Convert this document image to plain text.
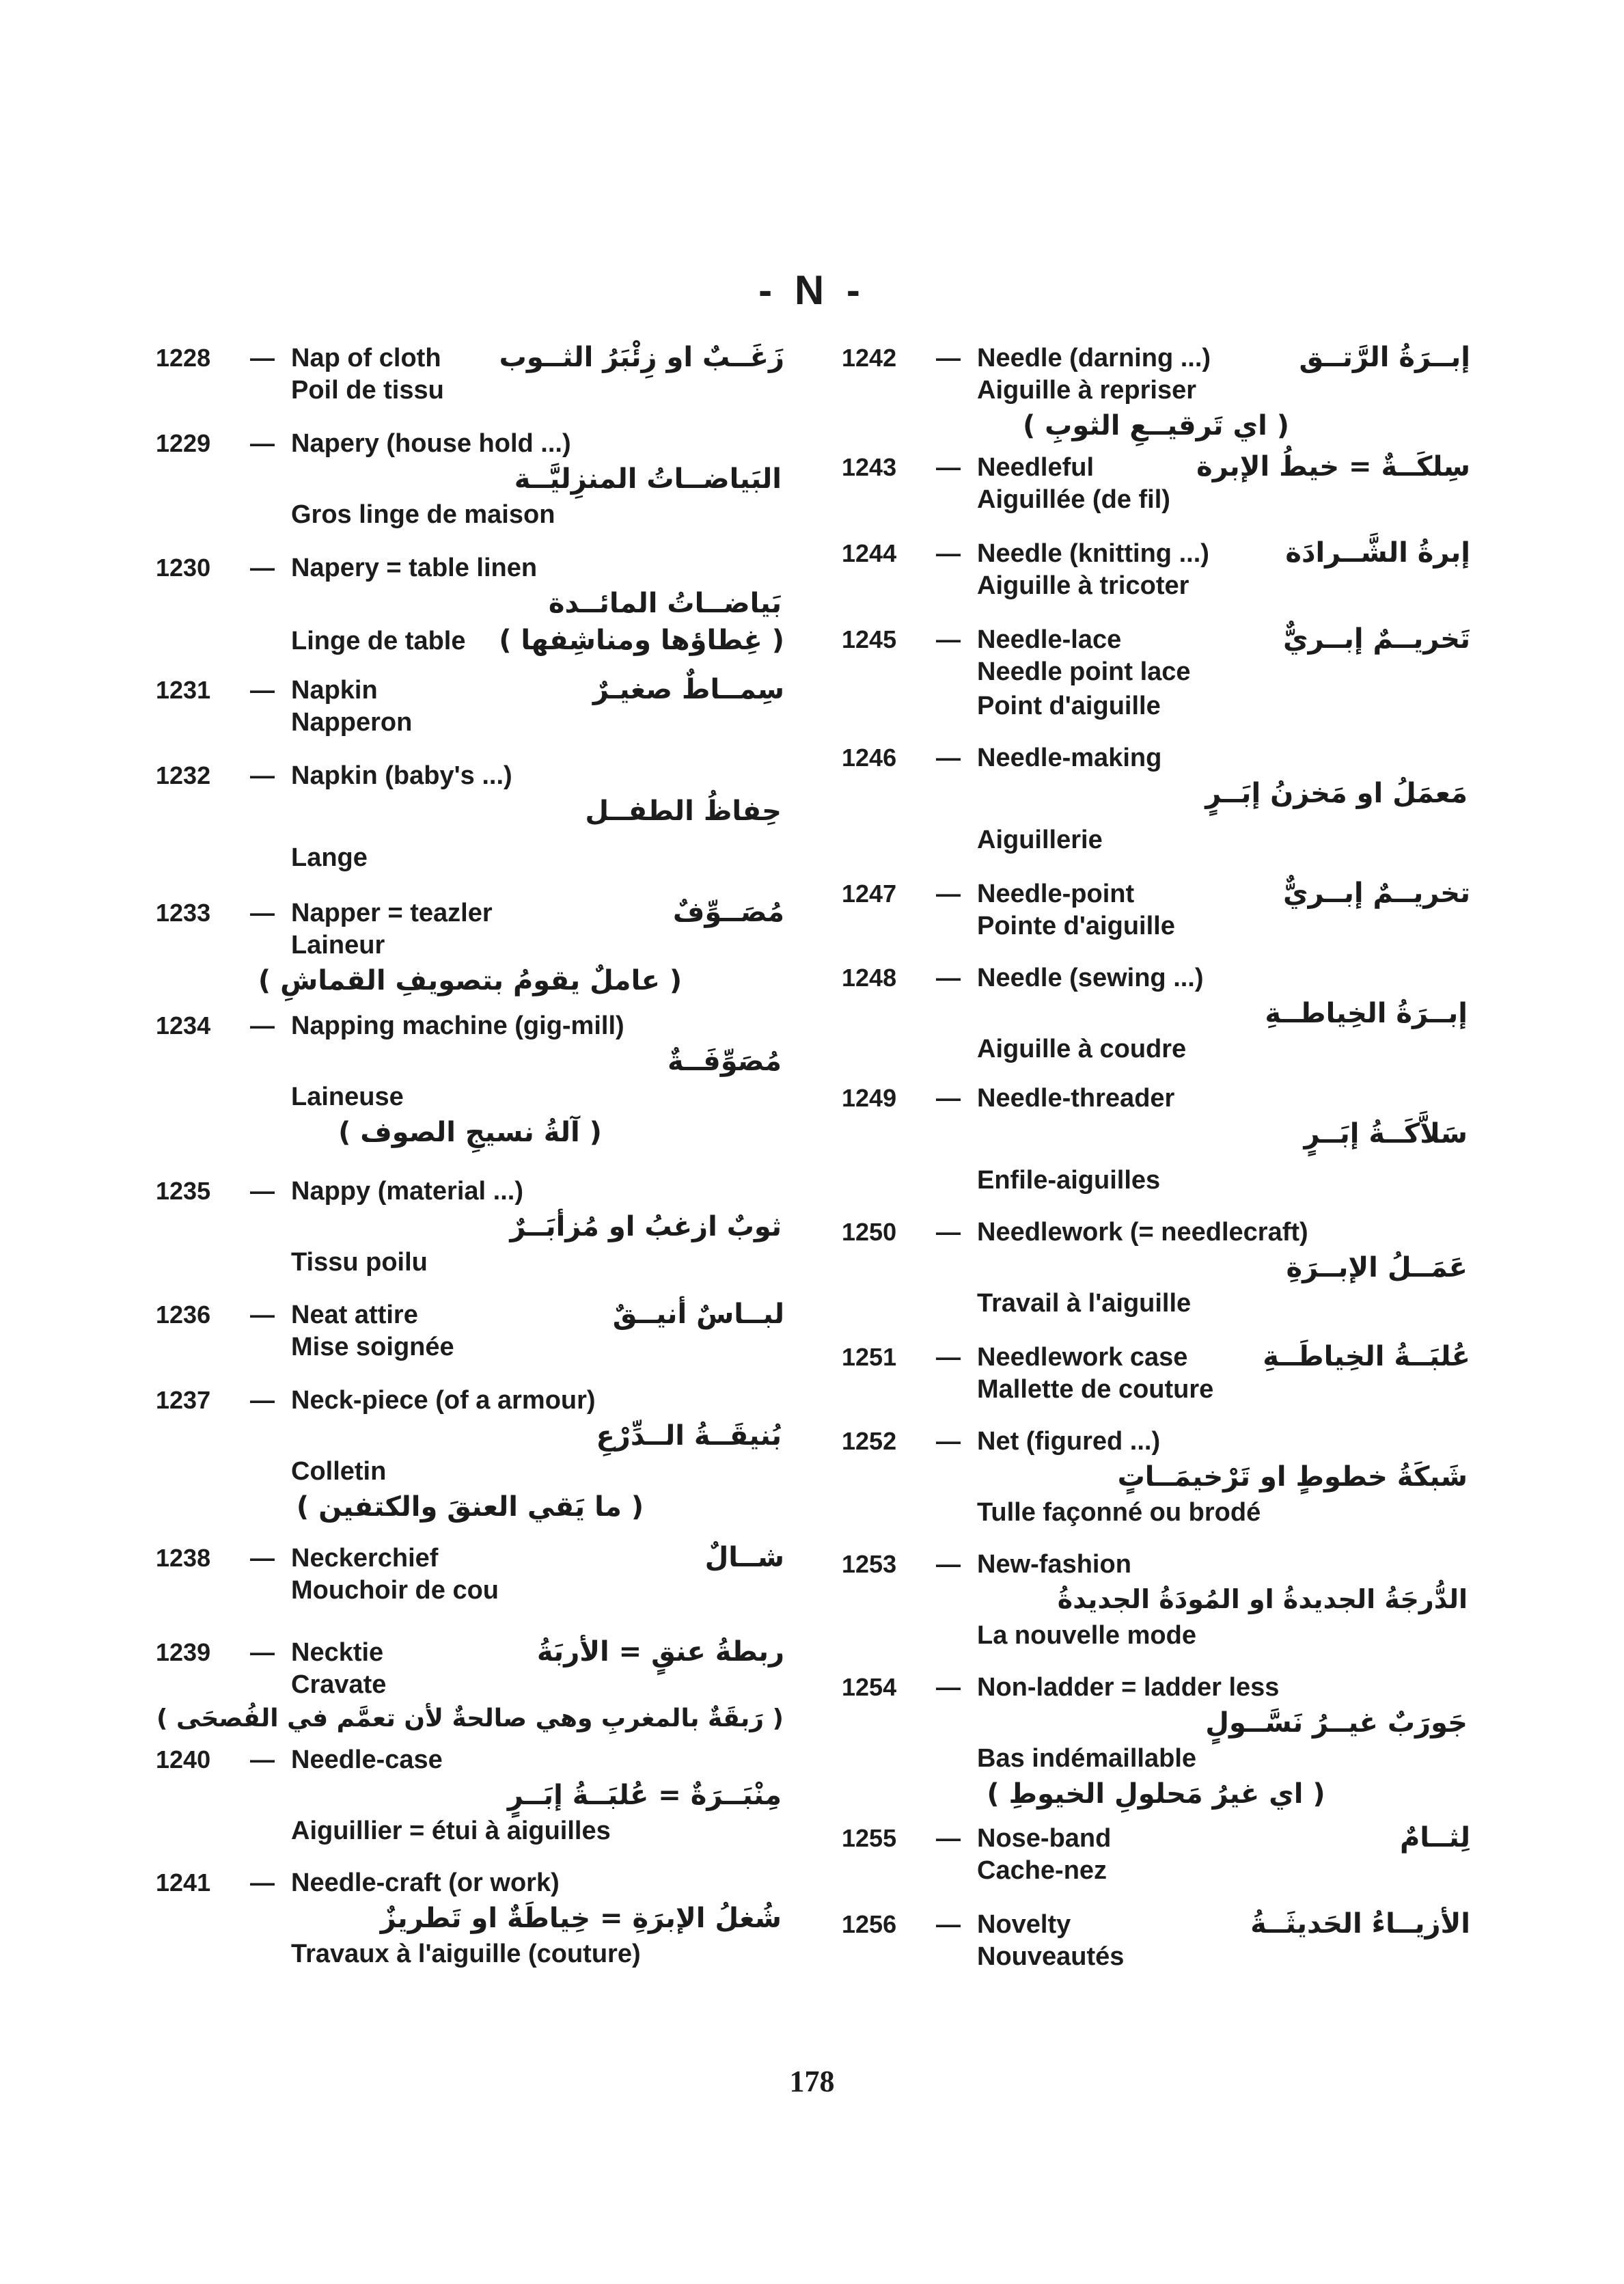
- N -
1228	— Nap of cloth	زَغَــبٌ او زِئْبَرُ الثــوب
Poil de tissu
1229	— Napery (house hold ...)
البَياضــاتُ المنزِليَّــة
Gros linge de maison
1230	— Napery = table linen
بَياضــاتُ المائــدة
Linge de table	( غِطاؤها ومناشِفها )
1231	— Napkin	سِمــاطٌ صغيـرٌ
Napperon
1232	— Napkin (baby's ...)
حِفاظُ الطفــل
Lange
1233	— Napper = teazler	مُصَــوِّفٌ
Laineur
( عاملٌ يقومُ بتصويفِ القماشِ )
1234	— Napping machine (gig-mill)
مُصَوِّفَــةٌ
Laineuse
( آلةُ نسيجِ الصوف )
1235	— Nappy (material ...)
ثوبٌ ازغبُ او مُزأبَــرٌ
Tissu poilu
1236	— Neat attire	لبــاسٌ أنيــقٌ
Mise soignée
1237	— Neck-piece (of a armour)
بُنيقَــةُ الــدِّرْعِ
Colletin
( ما يَقي العنقَ والكتفين )
1238	— Neckerchief	شــالٌ
Mouchoir de cou
1239	— Necktie	ربطةُ عنقٍ = الأربَةُ
Cravate
( رَبقَةٌ بالمغربِ وهي صالحةٌ لأن تعمَّم في الفُصحَى )
1240	— Needle-case
مِنْبَــرَةٌ = عُلبَــةُ إبَــرٍ
Aiguillier = étui à aiguilles
1241	— Needle-craft (or work)
شُغلُ الإبرَةِ = خِياطَةٌ او تَطريزٌ
Travaux à l'aiguille (couture)
1242	— Needle (darning ...)	إبــرَةُ الرَّتــق
Aiguille à repriser
( اي تَرقيــعِ الثوبِ )
1243	— Needleful	سِلكَــةٌ = خيطُ الإبرة
Aiguillée (de fil)
1244	— Needle (knitting ...)	إبرةُ الشَّــرادَة
Aiguille à tricoter
1245	— Needle-lace	تَخريــمٌ إبــريٌّ
Needle point lace
Point d'aiguille
1246	— Needle-making
مَعمَلُ او مَخزنُ إبَــرٍ
Aiguillerie
1247	— Needle-point	تخريــمٌ إبــريٌّ
Pointe d'aiguille
1248	— Needle (sewing ...)
إبــرَةُ الخِياطــةِ
Aiguille à coudre
1249	— Needle-threader
سَلاَّكَــةُ إبَــرٍ
Enfile-aiguilles
1250	— Needlework (= needlecraft)
عَمَــلُ الإبــرَةِ
Travail à l'aiguille
1251	— Needlework case	عُلبَــةُ الخِياطَــةِ
Mallette de couture
1252	— Net (figured ...)
شَبكَةُ خطوطٍ او تَرْخيمَــاتٍ
Tulle façonné ou brodé
1253	— New-fashion
الدُّرجَةُ الجديدةُ او المُودَةُ الجديدةُ
La nouvelle mode
1254	— Non-ladder = ladder less
جَورَبٌ غيــرُ نَسَّــولٍ
Bas indémaillable
( اي غيرُ مَحلولِ الخيوطِ )
1255	— Nose-band	لِثــامٌ
Cache-nez
1256	— Novelty	الأزيــاءُ الحَديثَــةُ
Nouveautés
178
